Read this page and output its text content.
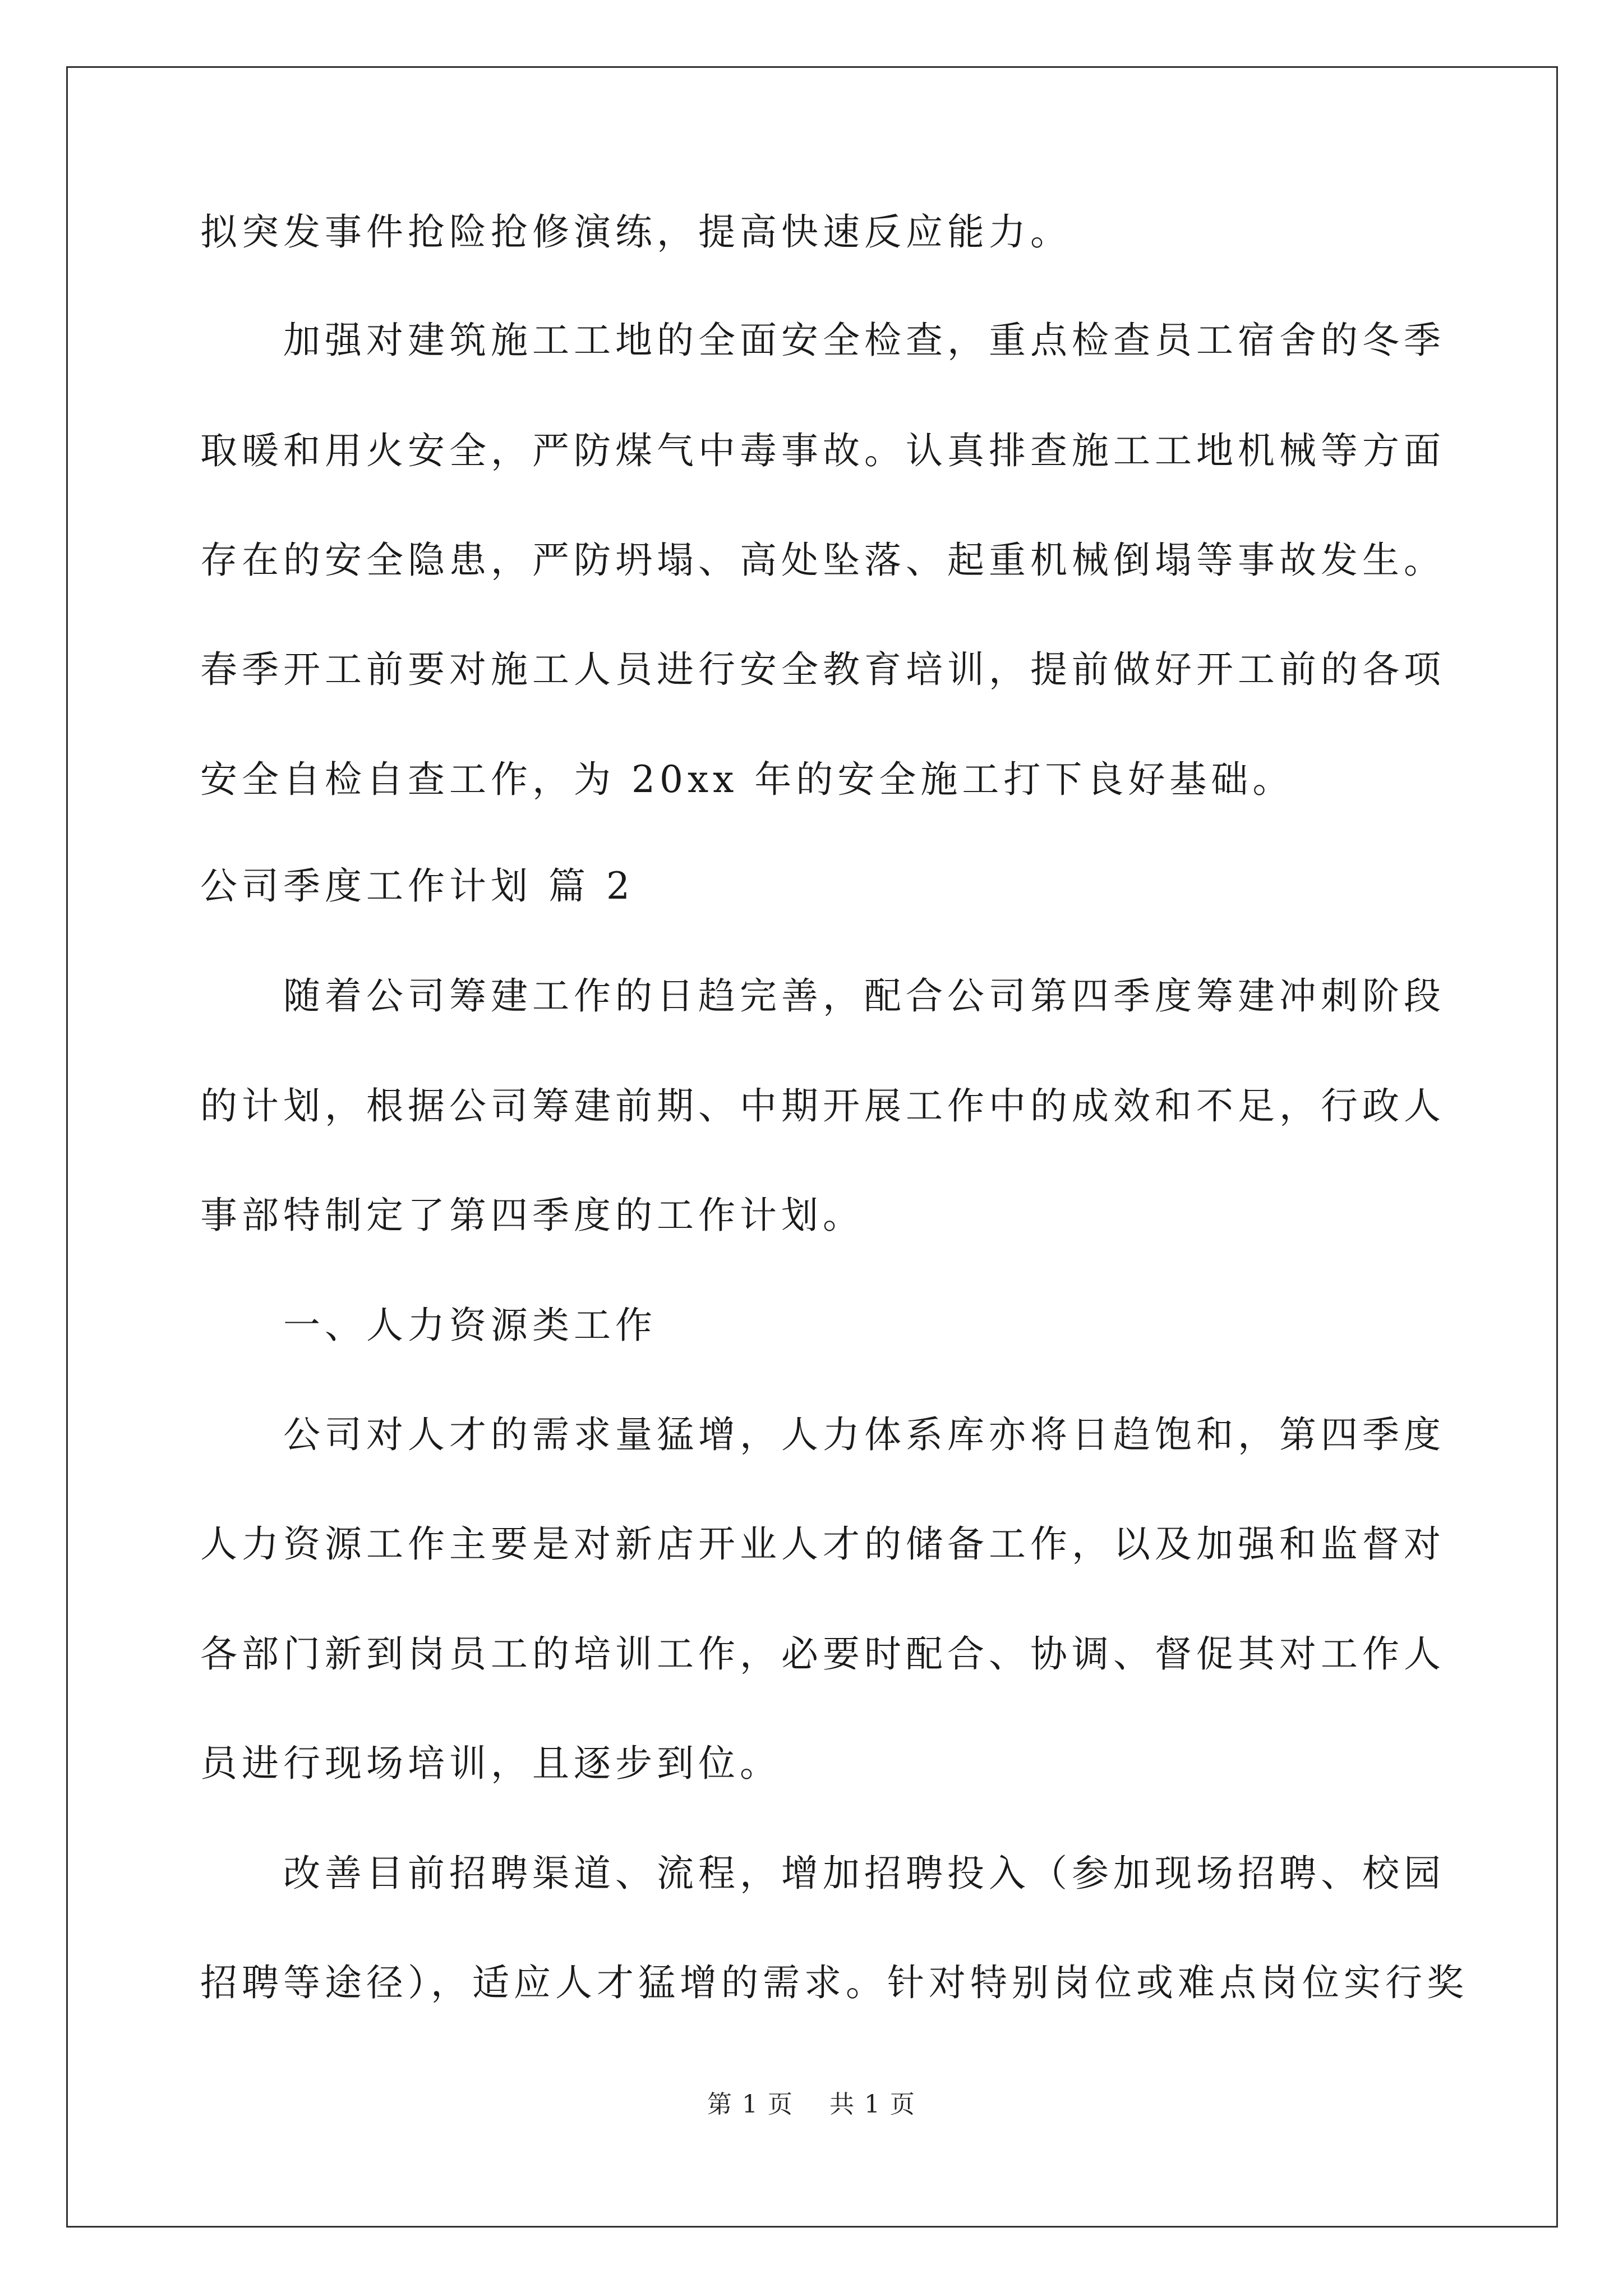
拟突发事件抢险抢修演练，提高快速反应能力。
加强对建筑施工工地的全面安全检查，重点检查员工宿舍的冬季
取暖和用火安全，严防煤气中毒事故。认真排查施工工地机械等方面
存在的安全隐患，严防坍塌、高处坠落、起重机械倒塌等事故发生。
春季开工前要对施工人员进行安全教育培训，提前做好开工前的各项
安全自检自查工作，为 20xx 年的安全施工打下良好基础。
公司季度工作计划 篇 2
随着公司筹建工作的日趋完善，配合公司第四季度筹建冲刺阶段
的计划，根据公司筹建前期、中期开展工作中的成效和不足，行政人
事部特制定了第四季度的工作计划。
一、人力资源类工作
公司对人才的需求量猛增，人力体系库亦将日趋饱和，第四季度
人力资源工作主要是对新店开业人才的储备工作，以及加强和监督对
各部门新到岗员工的培训工作，必要时配合、协调、督促其对工作人
员进行现场培训，且逐步到位。
改善目前招聘渠道、流程，增加招聘投入（参加现场招聘、校园
招聘等途径），适应人才猛增的需求。针对特别岗位或难点岗位实行奖
第 1 页 共 1 页
